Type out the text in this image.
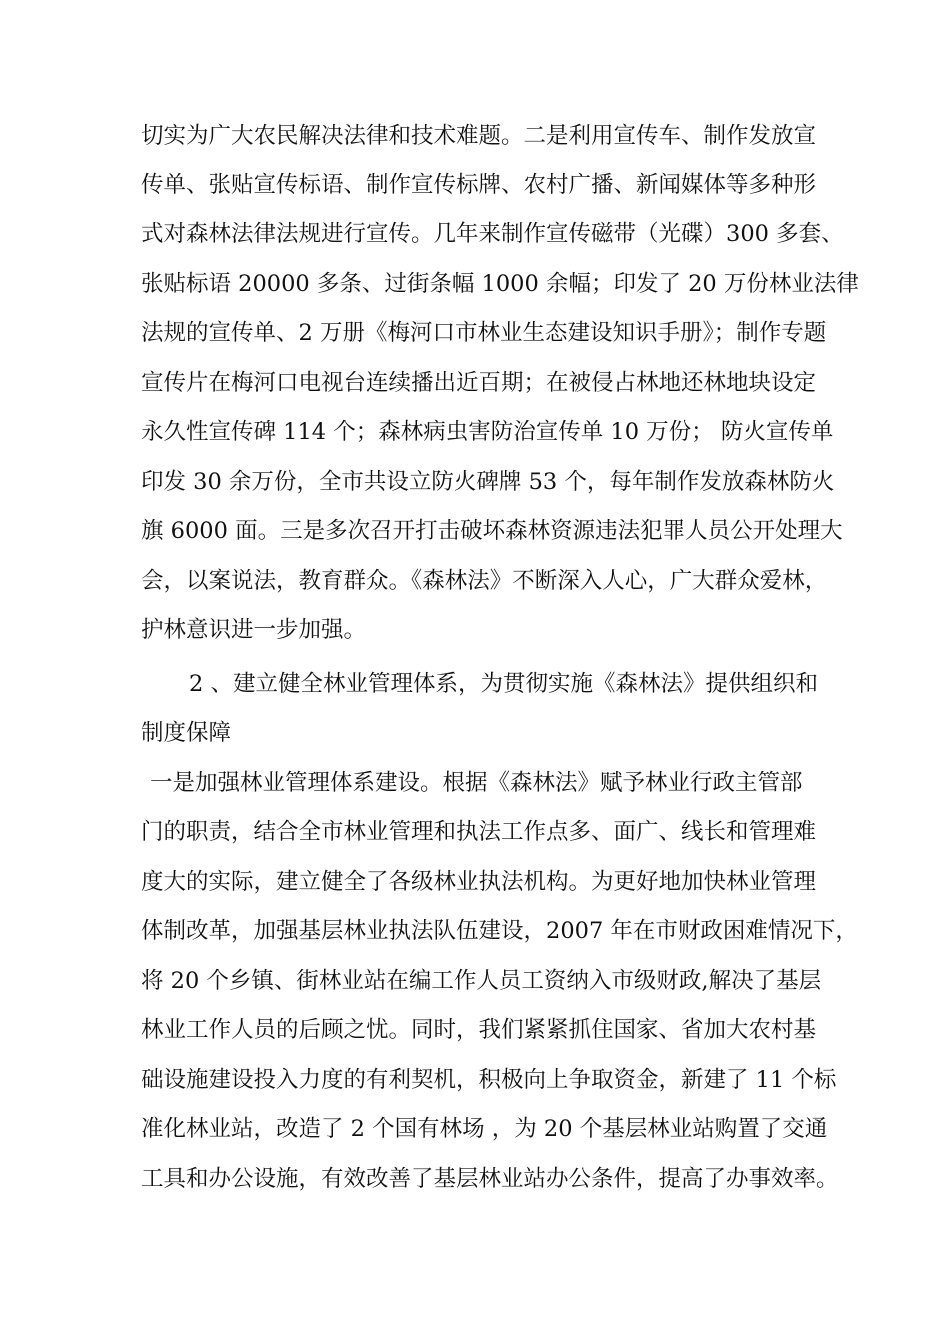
切实为广大农民解决法律和技术难题。二是利用宣传车、制作发放宣
传单、张贴宣传标语、制作宣传标牌、农村广播、新闻媒体等多种形
式对森林法律法规进行宣传。几年来制作宣传磁带（光碟）300 多套、
张贴标语 20000 多条、过街条幅 1000 余幅；印发了 20 万份林业法律
法规的宣传单、2 万册《梅河口市林业生态建设知识手册》；制作专题
宣传片在梅河口电视台连续播出近百期；在被侵占林地还林地块设定
永久性宣传碑 114 个；森林病虫害防治宣传单 10 万份； 防火宣传单
印发 30 余万份，全市共设立防火碑牌 53 个，每年制作发放森林防火
旗 6000 面。三是多次召开打击破坏森林资源违法犯罪人员公开处理大
会，以案说法，教育群众。《森林法》不断深入人心，广大群众爱林，
护林意识进一步加强。
2 、建立健全林业管理体系，为贯彻实施《森林法》提供组织和
制度保障
一是加强林业管理体系建设。根据《森林法》赋予林业行政主管部
门的职责，结合全市林业管理和执法工作点多、面广、线长和管理难
度大的实际，建立健全了各级林业执法机构。为更好地加快林业管理
体制改革，加强基层林业执法队伍建设，2007 年在市财政困难情况下，
将 20 个乡镇、街林业站在编工作人员工资纳入市级财政,解决了基层
林业工作人员的后顾之忧。同时，我们紧紧抓住国家、省加大农村基
础设施建设投入力度的有利契机，积极向上争取资金，新建了 11 个标
准化林业站，改造了 2 个国有林场 ，为 20 个基层林业站购置了交通
工具和办公设施，有效改善了基层林业站办公条件，提高了办事效率。
